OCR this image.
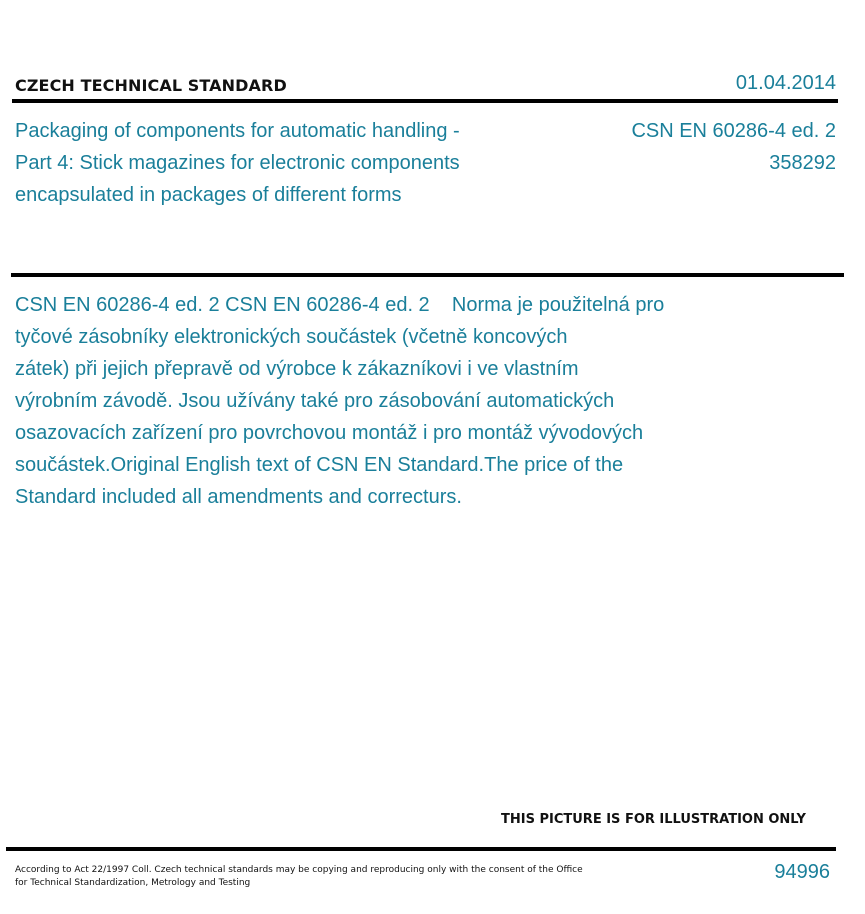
CZECH TECHNICAL STANDARD	01.04.2014
Packaging of components for automatic handling -
Part 4: Stick magazines for electronic components
encapsulated in packages of different forms
CSN EN 60286-4 ed. 2
358292
CSN EN 60286-4 ed. 2 CSN EN 60286-4 ed. 2    Norma je použitelná pro
tyčové zásobníky elektronických součástek (včetně koncových
zátek) při jejich přepravě od výrobce k zákazníkovi i ve vlastním
výrobním závodě. Jsou užívány také pro zásobování automatických
osazovacích zařízení pro povrchovou montáž i pro montáž vývodových
součástek.Original English text of CSN EN Standard.The price of the
Standard included all amendments and correcturs.
THIS PICTURE IS FOR ILLUSTRATION ONLY
According to Act 22/1997 Coll. Czech technical standards may be copying and reproducing only with the consent of the Office
for Technical Standardization, Metrology and Testing	94996
